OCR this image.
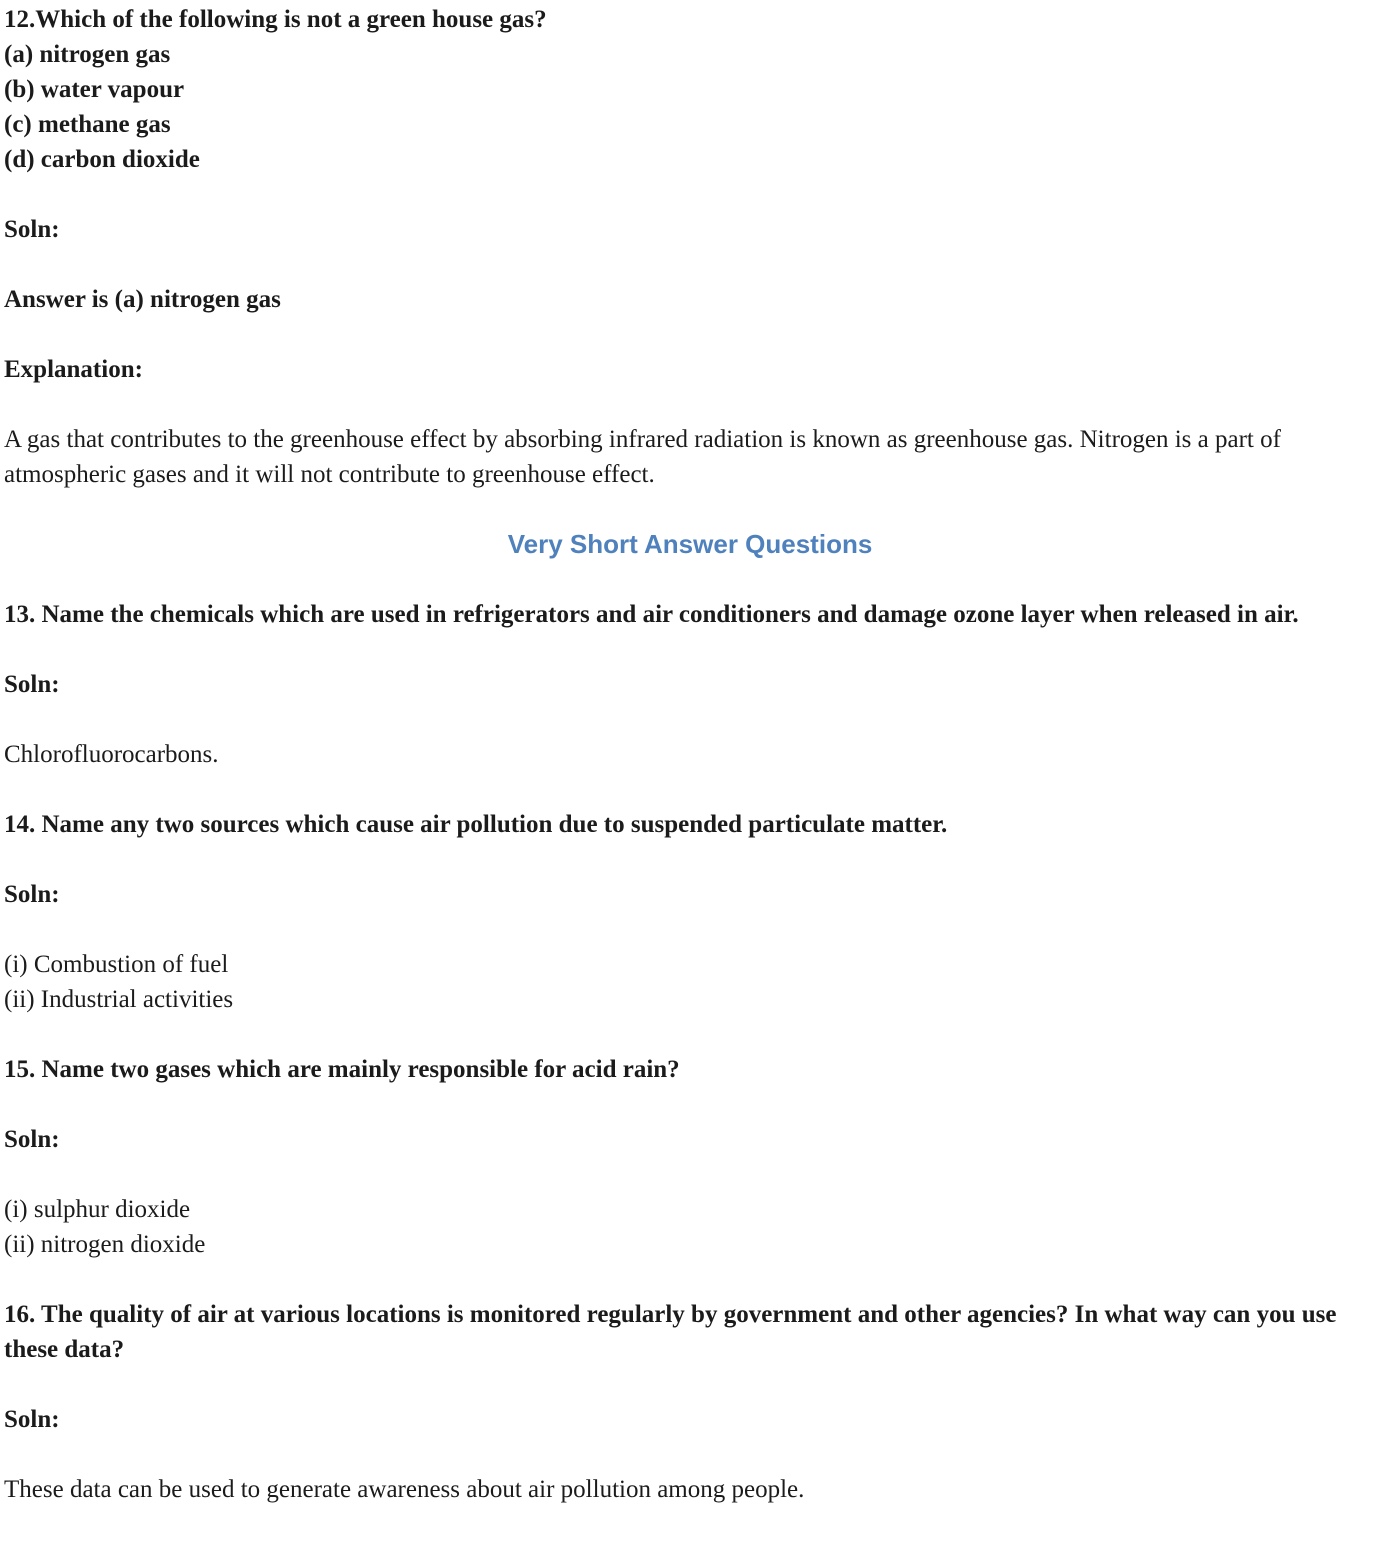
12.Which of the following is not a green house gas?
(a) nitrogen gas
(b) water vapour
(c) methane gas
(d) carbon dioxide
Soln:
Answer is (a) nitrogen gas
Explanation:
A gas that contributes to the greenhouse effect by absorbing infrared radiation is known as greenhouse gas. Nitrogen is a part of atmospheric gases and it will not contribute to greenhouse effect.
Very Short Answer Questions
13. Name the chemicals which are used in refrigerators and air conditioners and damage ozone layer when released in air.
Soln:
Chlorofluorocarbons.
14. Name any two sources which cause air pollution due to suspended particulate matter.
Soln:
(i) Combustion of fuel
(ii) Industrial activities
15. Name two gases which are mainly responsible for acid rain?
Soln:
(i) sulphur dioxide
(ii) nitrogen dioxide
16. The quality of air at various locations is monitored regularly by government and other agencies? In what way can you use these data?
Soln:
These data can be used to generate awareness about air pollution among people.
